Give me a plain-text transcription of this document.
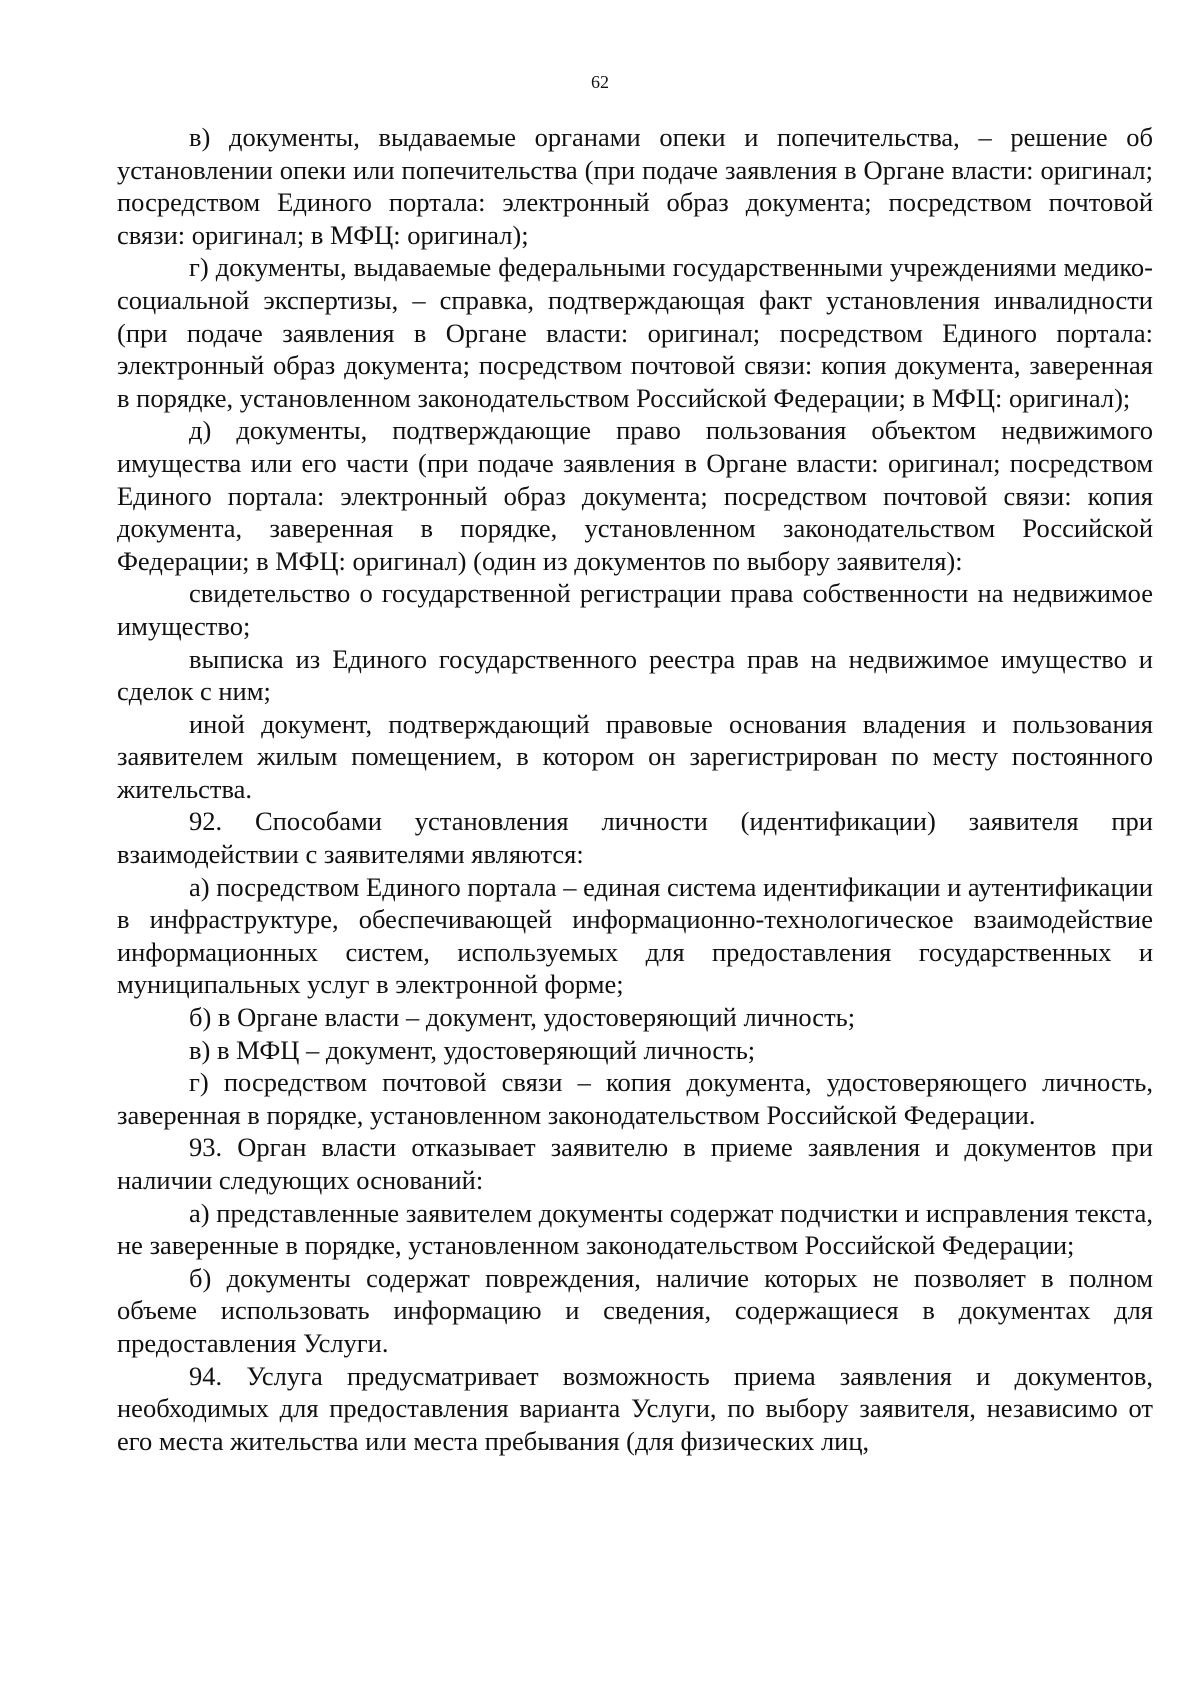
62

в) документы, выдаваемые органами опеки и попечительства, – решение об установлении опеки или попечительства (при подаче заявления в Органе власти: оригинал; посредством Единого портала: электронный образ документа; посредством почтовой связи: оригинал; в МФЦ: оригинал);

г) документы, выдаваемые федеральными государственными учреждениями медико-социальной экспертизы, – справка, подтверждающая факт установления инвалидности (при подаче заявления в Органе власти: оригинал; посредством Единого портала: электронный образ документа; посредством почтовой связи: копия документа, заверенная в порядке, установленном законодательством Российской Федерации; в МФЦ: оригинал);

д) документы, подтверждающие право пользования объектом недвижимого имущества или его части (при подаче заявления в Органе власти: оригинал; посредством Единого портала: электронный образ документа; посредством почтовой связи: копия документа, заверенная в порядке, установленном законодательством Российской Федерации; в МФЦ: оригинал) (один из документов по выбору заявителя):

свидетельство о государственной регистрации права собственности на недвижимое имущество;

выписка из Единого государственного реестра прав на недвижимое имущество и сделок с ним;

иной документ, подтверждающий правовые основания владения и пользования заявителем жилым помещением, в котором он зарегистрирован по месту постоянного жительства.

92. Способами установления личности (идентификации) заявителя при взаимодействии с заявителями являются:

а) посредством Единого портала – единая система идентификации и аутентификации в инфраструктуре, обеспечивающей информационно-технологическое взаимодействие информационных систем, используемых для предоставления государственных и муниципальных услуг в электронной форме;

б) в Органе власти – документ, удостоверяющий личность;

в) в МФЦ – документ, удостоверяющий личность;

г) посредством почтовой связи – копия документа, удостоверяющего личность, заверенная в порядке, установленном законодательством Российской Федерации.

93. Орган власти отказывает заявителю в приеме заявления и документов при наличии следующих оснований:

а) представленные заявителем документы содержат подчистки и исправления текста, не заверенные в порядке, установленном законодательством Российской Федерации;

б) документы содержат повреждения, наличие которых не позволяет в полном объеме использовать информацию и сведения, содержащиеся в документах для предоставления Услуги.

94. Услуга предусматривает возможность приема заявления и документов, необходимых для предоставления варианта Услуги, по выбору заявителя, независимо от его места жительства или места пребывания (для физических лиц,
